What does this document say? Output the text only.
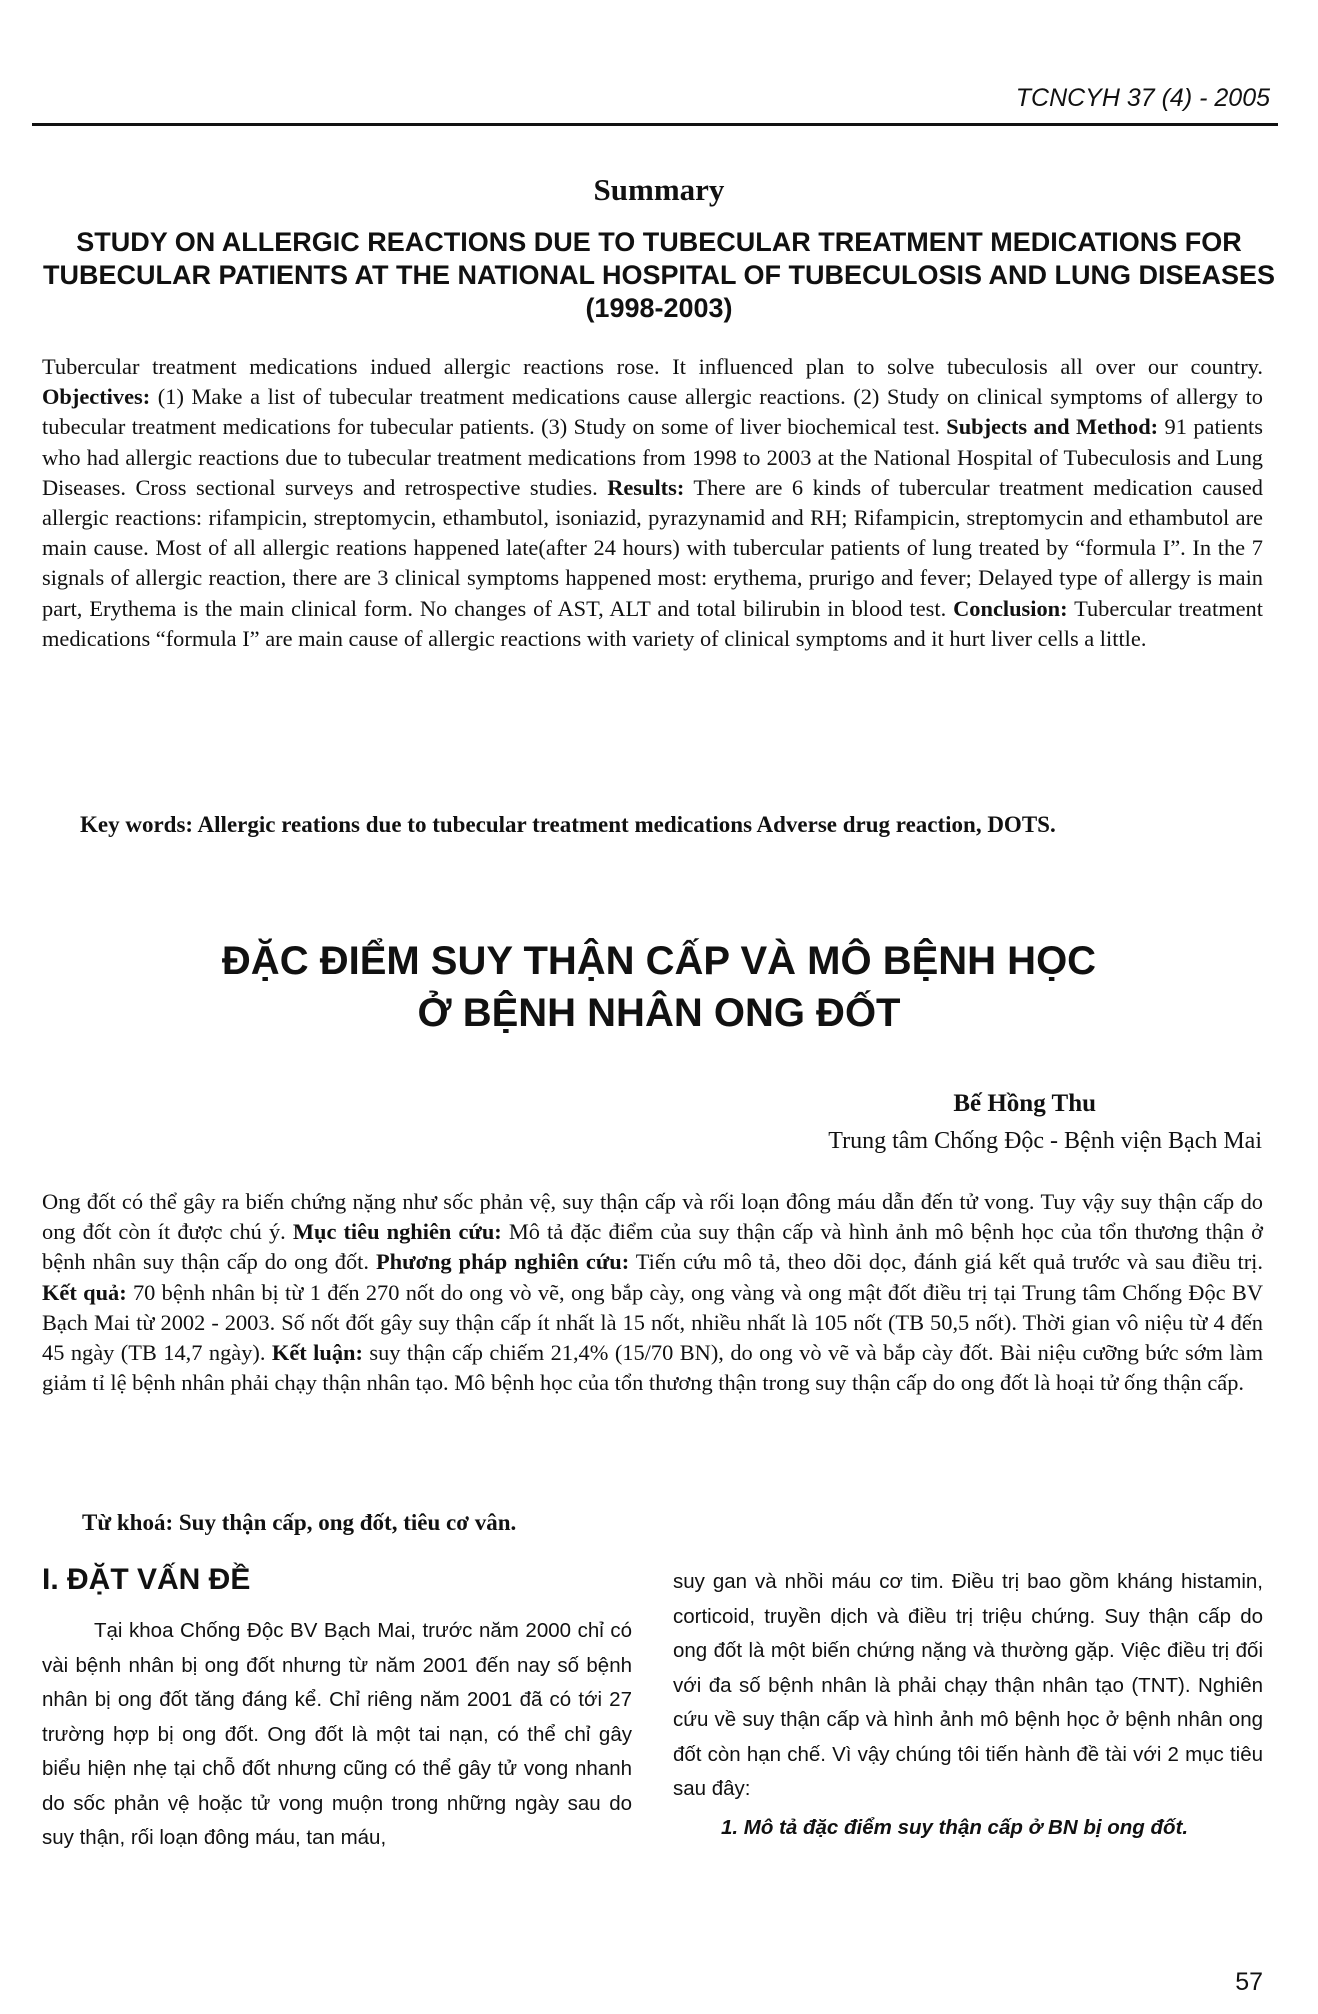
TCNCYH 37 (4) - 2005
Summary
STUDY ON ALLERGIC REACTIONS DUE TO TUBECULAR TREATMENT MEDICATIONS FOR TUBECULAR PATIENTS AT THE NATIONAL HOSPITAL OF TUBECULOSIS AND LUNG DISEASES (1998-2003)

Tubercular treatment medications indued allergic reactions rose. It influenced plan to solve tubeculosis all over our country. Objectives: (1) Make a list of tubecular treatment medications cause allergic reactions. (2) Study on clinical symptoms of allergy to tubecular treatment medications for tubecular patients. (3) Study on some of liver biochemical test. Subjects and Method: 91 patients who had allergic reactions due to tubecular treatment medications from 1998 to 2003 at the National Hospital of Tubeculosis and Lung Diseases. Cross sectional surveys and retrospective studies. Results: There are 6 kinds of tubercular treatment medication caused allergic reactions: rifampicin, streptomycin, ethambutol, isoniazid, pyrazynamid and RH; Rifampicin, streptomycin and ethambutol are main cause. Most of all allergic reations happened late(after 24 hours) with tubercular patients of lung treated by “formula I”. In the 7 signals of allergic reaction, there are 3 clinical symptoms happened most: erythema, prurigo and fever; Delayed type of allergy is main part, Erythema is the main clinical form. No changes of AST, ALT and total bilirubin in blood test. Conclusion: Tubercular treatment medications “formula I” are main cause of allergic reactions with variety of clinical symptoms and it hurt liver cells a little.

Key words: Allergic reations due to tubecular treatment medications Adverse drug reaction, DOTS.

ĐẶC ĐIỂM SUY THẬN CẤP VÀ MÔ BỆNH HỌC
Ở BỆNH NHÂN ONG ĐỐT
Bế Hồng Thu
Trung tâm Chống Độc - Bệnh viện Bạch Mai

Ong đốt có thể gây ra biến chứng nặng như sốc phản vệ, suy thận cấp và rối loạn đông máu dẫn đến tử vong. Tuy vậy suy thận cấp do ong đốt còn ít được chú ý. Mục tiêu nghiên cứu: Mô tả đặc điểm của suy thận cấp và hình ảnh mô bệnh học của tổn thương thận ở bệnh nhân suy thận cấp do ong đốt. Phương pháp nghiên cứu: Tiến cứu mô tả, theo dõi dọc, đánh giá kết quả trước và sau điều trị. Kết quả: 70 bệnh nhân bị từ 1 đến 270 nốt do ong vò vẽ, ong bắp cày, ong vàng và ong mật đốt điều trị tại Trung tâm Chống Độc BV Bạch Mai từ 2002 - 2003. Số nốt đốt gây suy thận cấp ít nhất là 15 nốt, nhiều nhất là 105 nốt (TB 50,5 nốt). Thời gian vô niệu từ 4 đến 45 ngày (TB 14,7 ngày). Kết luận: suy thận cấp chiếm 21,4% (15/70 BN), do ong vò vẽ và bắp cày đốt. Bài niệu cưỡng bức sớm làm giảm tỉ lệ bệnh nhân phải chạy thận nhân tạo. Mô bệnh học của tổn thương thận trong suy thận cấp do ong đốt là hoại tử ống thận cấp.

Từ khoá: Suy thận cấp, ong đốt, tiêu cơ vân.

I. ĐẶT VẤN ĐỀ

Tại khoa Chống Độc BV Bạch Mai, trước năm 2000 chỉ có vài bệnh nhân bị ong đốt nhưng từ năm 2001 đến nay số bệnh nhân bị ong đốt tăng đáng kể. Chỉ riêng năm 2001 đã có tới 27 trường hợp bị ong đốt. Ong đốt là một tai nạn, có thể chỉ gây biểu hiện nhẹ tại chỗ đốt nhưng cũng có thể gây tử vong nhanh do sốc phản vệ hoặc tử vong muộn trong những ngày sau do suy thận, rối loạn đông máu, tan máu,

suy gan và nhồi máu cơ tim. Điều trị bao gồm kháng histamin, corticoid, truyền dịch và điều trị triệu chứng. Suy thận cấp do ong đốt là một biến chứng nặng và thường gặp. Việc điều trị đối với đa số bệnh nhân là phải chạy thận nhân tạo (TNT). Nghiên cứu về suy thận cấp và hình ảnh mô bệnh học ở bệnh nhân ong đốt còn hạn chế. Vì vậy chúng tôi tiến hành đề tài với 2 mục tiêu sau đây:

1. Mô tả đặc điểm suy thận cấp ở BN bị ong đốt.

57
